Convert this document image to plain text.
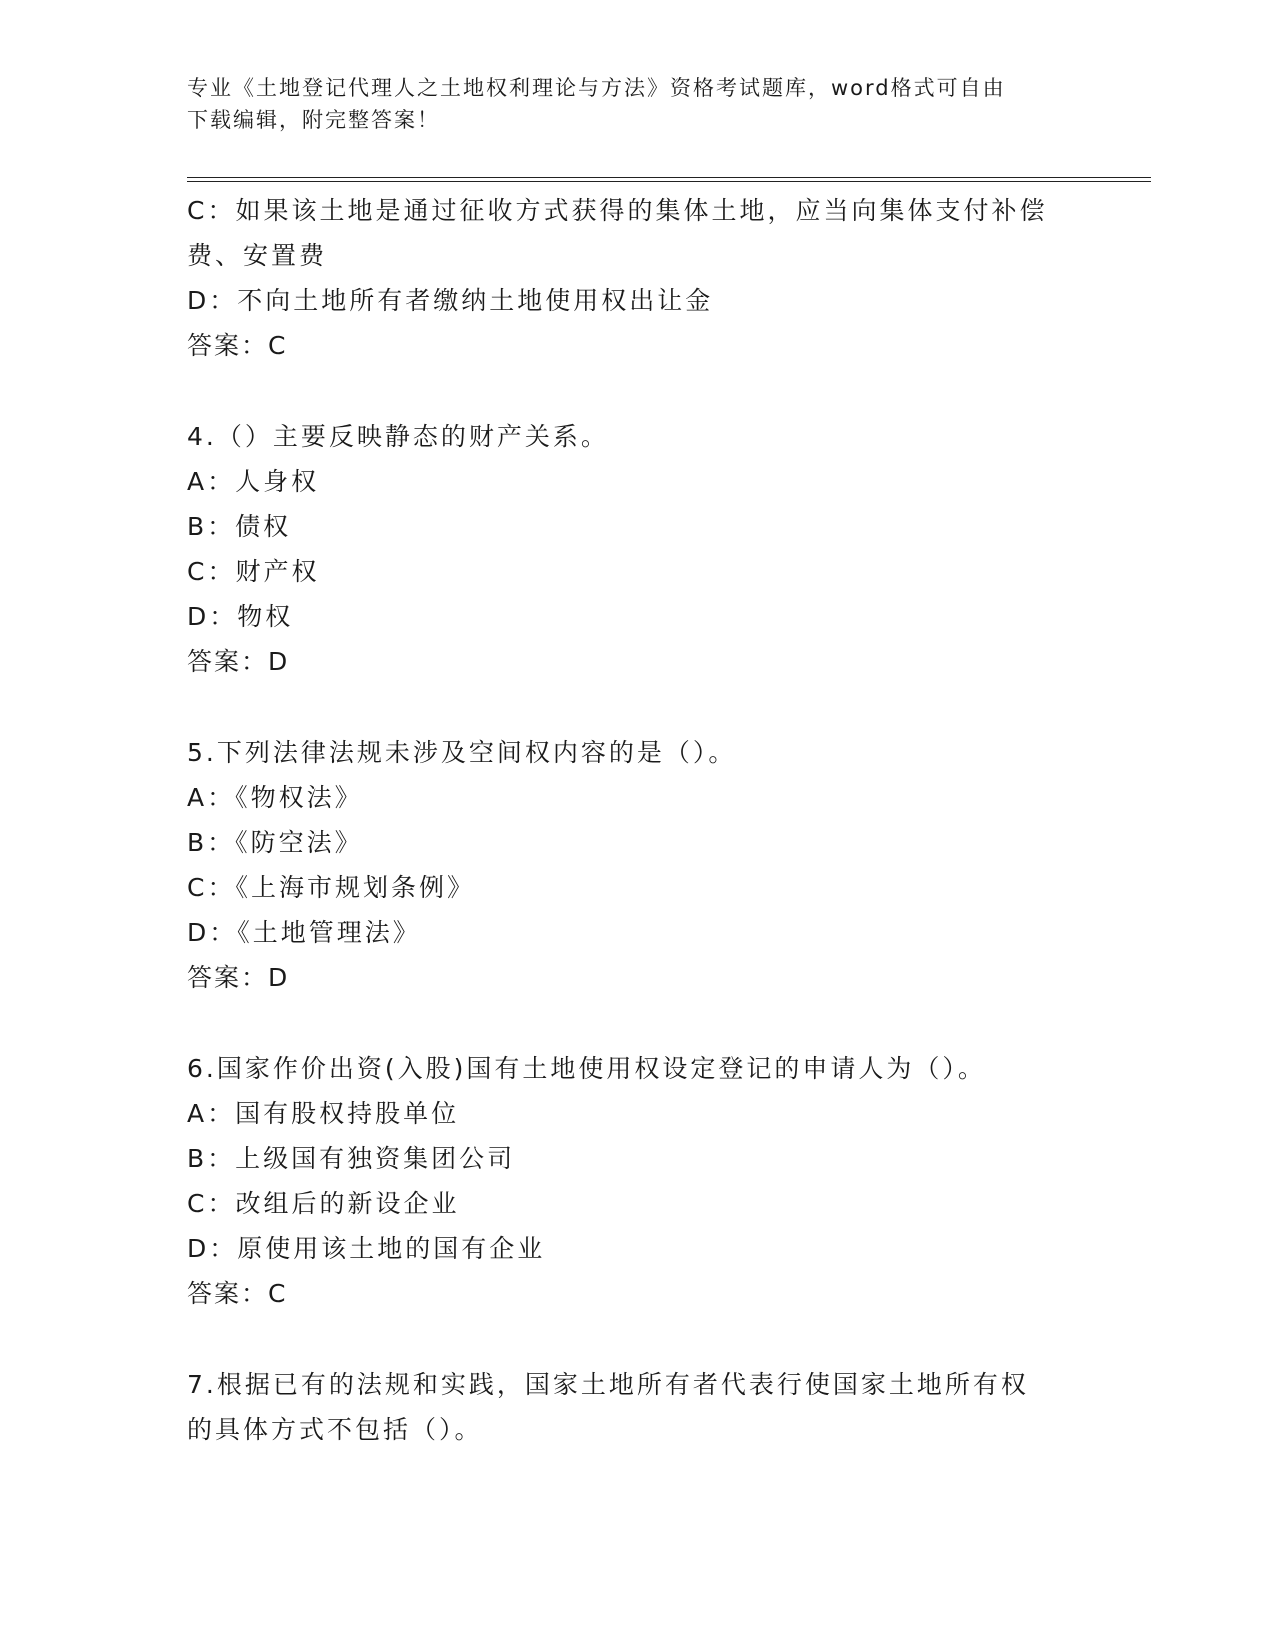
专业《土地登记代理人之土地权利理论与方法》资格考试题库，word格式可自由
下载编辑，附完整答案！
C：如果该土地是通过征收方式获得的集体土地，应当向集体支付补偿
费、安置费
D：不向土地所有者缴纳土地使用权出让金
答案：C
4.（）主要反映静态的财产关系。
A：人身权
B：债权
C：财产权
D：物权
答案：D
5.下列法律法规未涉及空间权内容的是（）。
A：《物权法》
B：《防空法》
C：《上海市规划条例》
D：《土地管理法》
答案：D
6.国家作价出资(入股)国有土地使用权设定登记的申请人为（）。
A：国有股权持股单位
B：上级国有独资集团公司
C：改组后的新设企业
D：原使用该土地的国有企业
答案：C
7.根据已有的法规和实践，国家土地所有者代表行使国家土地所有权
的具体方式不包括（）。
